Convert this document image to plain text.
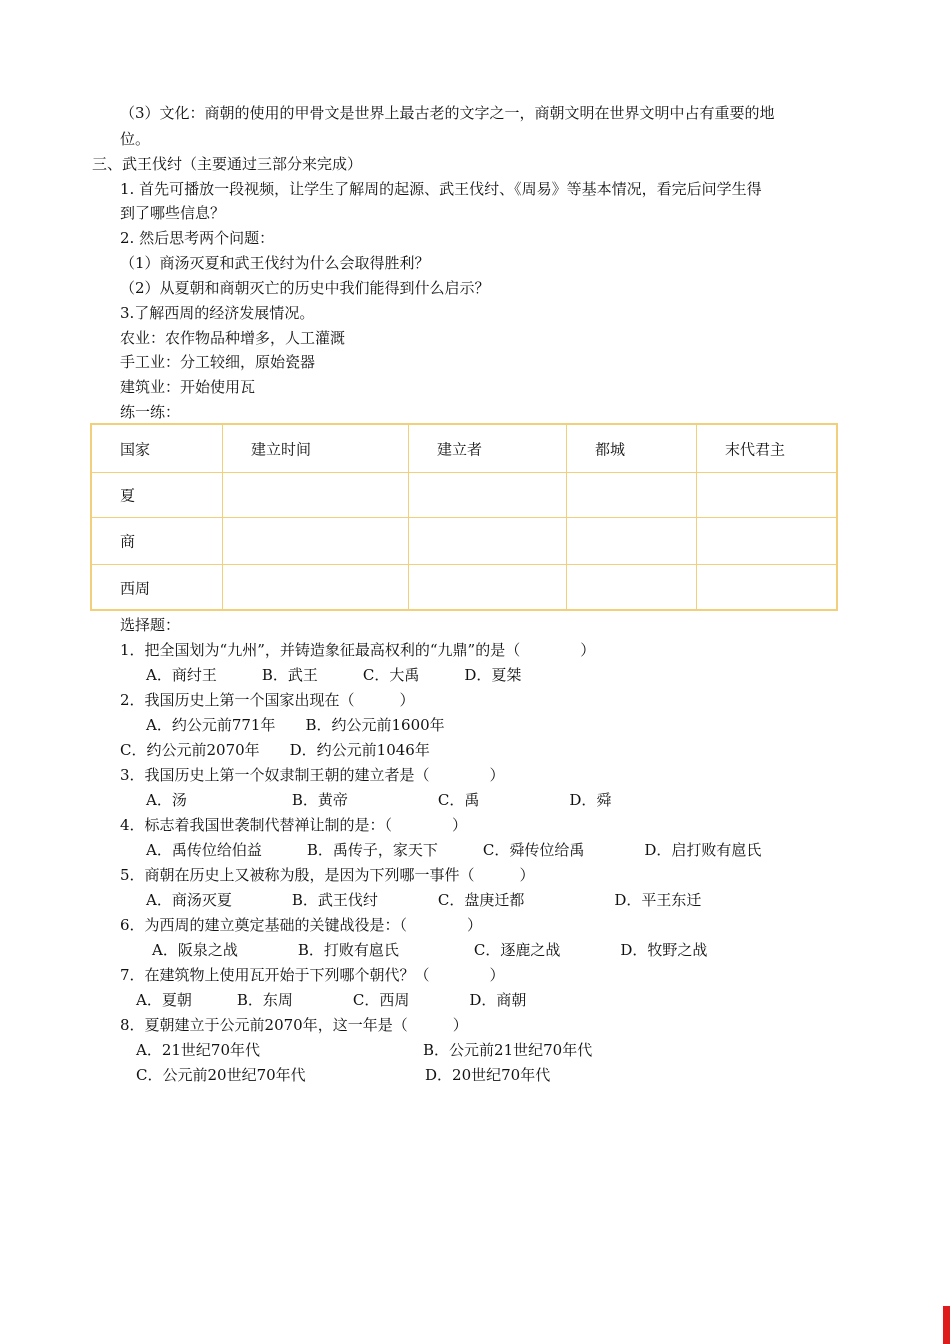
（3）文化：商朝的使用的甲骨文是世界上最古老的文字之一，商朝文明在世界文明中占有重要的地
位。
三、武王伐纣（主要通过三部分来完成）
1. 首先可播放一段视频，让学生了解周的起源、武王伐纣、《周易》等基本情况，看完后问学生得
到了哪些信息？
2. 然后思考两个问题：
（1）商汤灭夏和武王伐纣为什么会取得胜利？
（2）从夏朝和商朝灭亡的历史中我们能得到什么启示？
3.了解西周的经济发展情况。
农业：农作物品种增多，人工灌溉
手工业：分工较细，原始瓷器
建筑业：开始使用瓦
练一练：
国家	建立时间	建立者	都城	末代君主
夏
商
西周
选择题：
1．把全国划为“九州”，并铸造象征最高权利的“九鼎”的是（　　　　）
A．商纣王　　　B．武王　　　C．大禹　　　D．夏桀
2．我国历史上第一个国家出现在（　　　）
A．约公元前771年　　B．约公元前1600年
C．约公元前2070年　　D．约公元前1046年
3．我国历史上第一个奴隶制王朝的建立者是（　　　　）
A．汤　　　　　　　B．黄帝　　　　　　C．禹　　　　　　D．舜
4．标志着我国世袭制代替禅让制的是：（　　　　）
A．禹传位给伯益　　　B．禹传子，家天下　　　C．舜传位给禹　　　　D．启打败有扈氏
5．商朝在历史上又被称为殷，是因为下列哪一事件（　　　）
A．商汤灭夏　　　　B．武王伐纣　　　　C．盘庚迁都　　　　　　D．平王东迁
6．为西周的建立奠定基础的关键战役是：（　　　　）
A．阪泉之战　　　　B．打败有扈氏　　　　　C．逐鹿之战　　　　D．牧野之战
7．在建筑物上使用瓦开始于下列哪个朝代？（　　　　）
A．夏朝　　　B．东周　　　　C．西周　　　　D．商朝
8．夏朝建立于公元前2070年，这一年是（　　　）
A．21世纪70年代	B．公元前21世纪70年代
C．公元前20世纪70年代	D．20世纪70年代
